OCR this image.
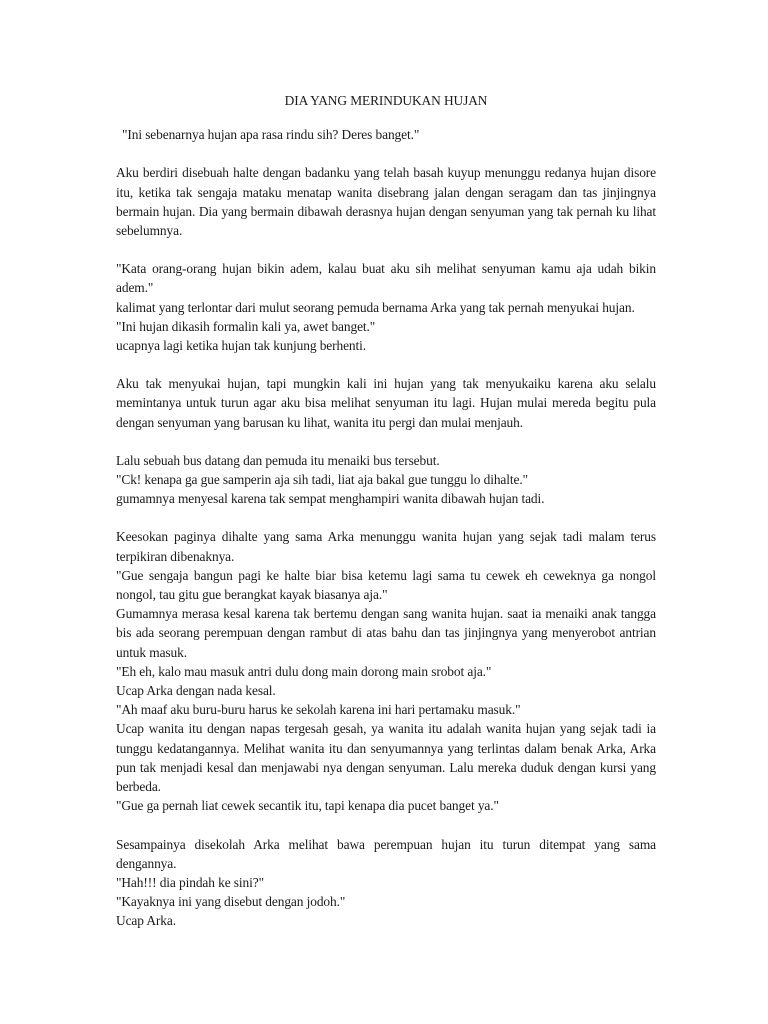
DIA YANG MERINDUKAN HUJAN
"Ini sebenarnya hujan apa rasa rindu sih? Deres banget."
Aku berdiri disebuah halte dengan badanku yang telah basah kuyup menunggu redanya hujan disore itu, ketika tak sengaja mataku menatap wanita disebrang jalan dengan seragam dan tas jinjingnya bermain hujan. Dia yang bermain dibawah derasnya hujan dengan senyuman yang tak pernah ku lihat sebelumnya.
"Kata orang-orang hujan bikin adem, kalau buat aku sih melihat senyuman kamu aja udah bikin adem."
kalimat yang terlontar dari mulut seorang pemuda bernama Arka yang tak pernah menyukai hujan.
"Ini hujan dikasih formalin kali ya, awet banget."
ucapnya lagi ketika hujan tak kunjung berhenti.
Aku tak menyukai hujan, tapi mungkin kali ini hujan yang tak menyukaiku karena aku selalu memintanya untuk turun agar aku bisa melihat senyuman itu lagi. Hujan mulai mereda begitu pula dengan senyuman yang barusan ku lihat, wanita itu pergi dan mulai menjauh.
Lalu sebuah bus datang dan pemuda itu menaiki bus tersebut.
"Ck! kenapa ga gue samperin aja sih tadi, liat aja bakal gue tunggu lo dihalte."
gumamnya menyesal karena tak sempat menghampiri wanita dibawah hujan tadi.
Keesokan paginya dihalte yang sama Arka menunggu wanita hujan yang sejak tadi malam terus terpikiran dibenaknya.
"Gue sengaja bangun pagi ke halte biar bisa ketemu lagi sama tu cewek eh ceweknya ga nongol nongol, tau gitu gue berangkat kayak biasanya aja."
Gumamnya merasa kesal karena tak bertemu dengan sang wanita hujan. saat ia menaiki anak tangga bis ada seorang perempuan dengan rambut di atas bahu dan tas jinjingnya yang menyerobot antrian untuk masuk.
"Eh eh, kalo mau masuk antri dulu dong main dorong main srobot aja."
Ucap Arka dengan nada kesal.
"Ah maaf aku buru-buru harus ke sekolah karena ini hari pertamaku masuk."
Ucap wanita itu dengan napas tergesah gesah, ya wanita itu adalah wanita hujan yang sejak tadi ia tunggu kedatangannya. Melihat wanita itu dan senyumannya yang terlintas dalam benak Arka, Arka pun tak menjadi kesal dan menjawabi nya dengan senyuman. Lalu mereka duduk dengan kursi yang berbeda.
"Gue ga pernah liat cewek secantik itu, tapi kenapa dia pucet banget ya."
Sesampainya disekolah Arka melihat bawa perempuan hujan itu turun ditempat yang sama dengannya.
"Hah!!! dia pindah ke sini?"
"Kayaknya ini yang disebut dengan jodoh."
Ucap Arka.
